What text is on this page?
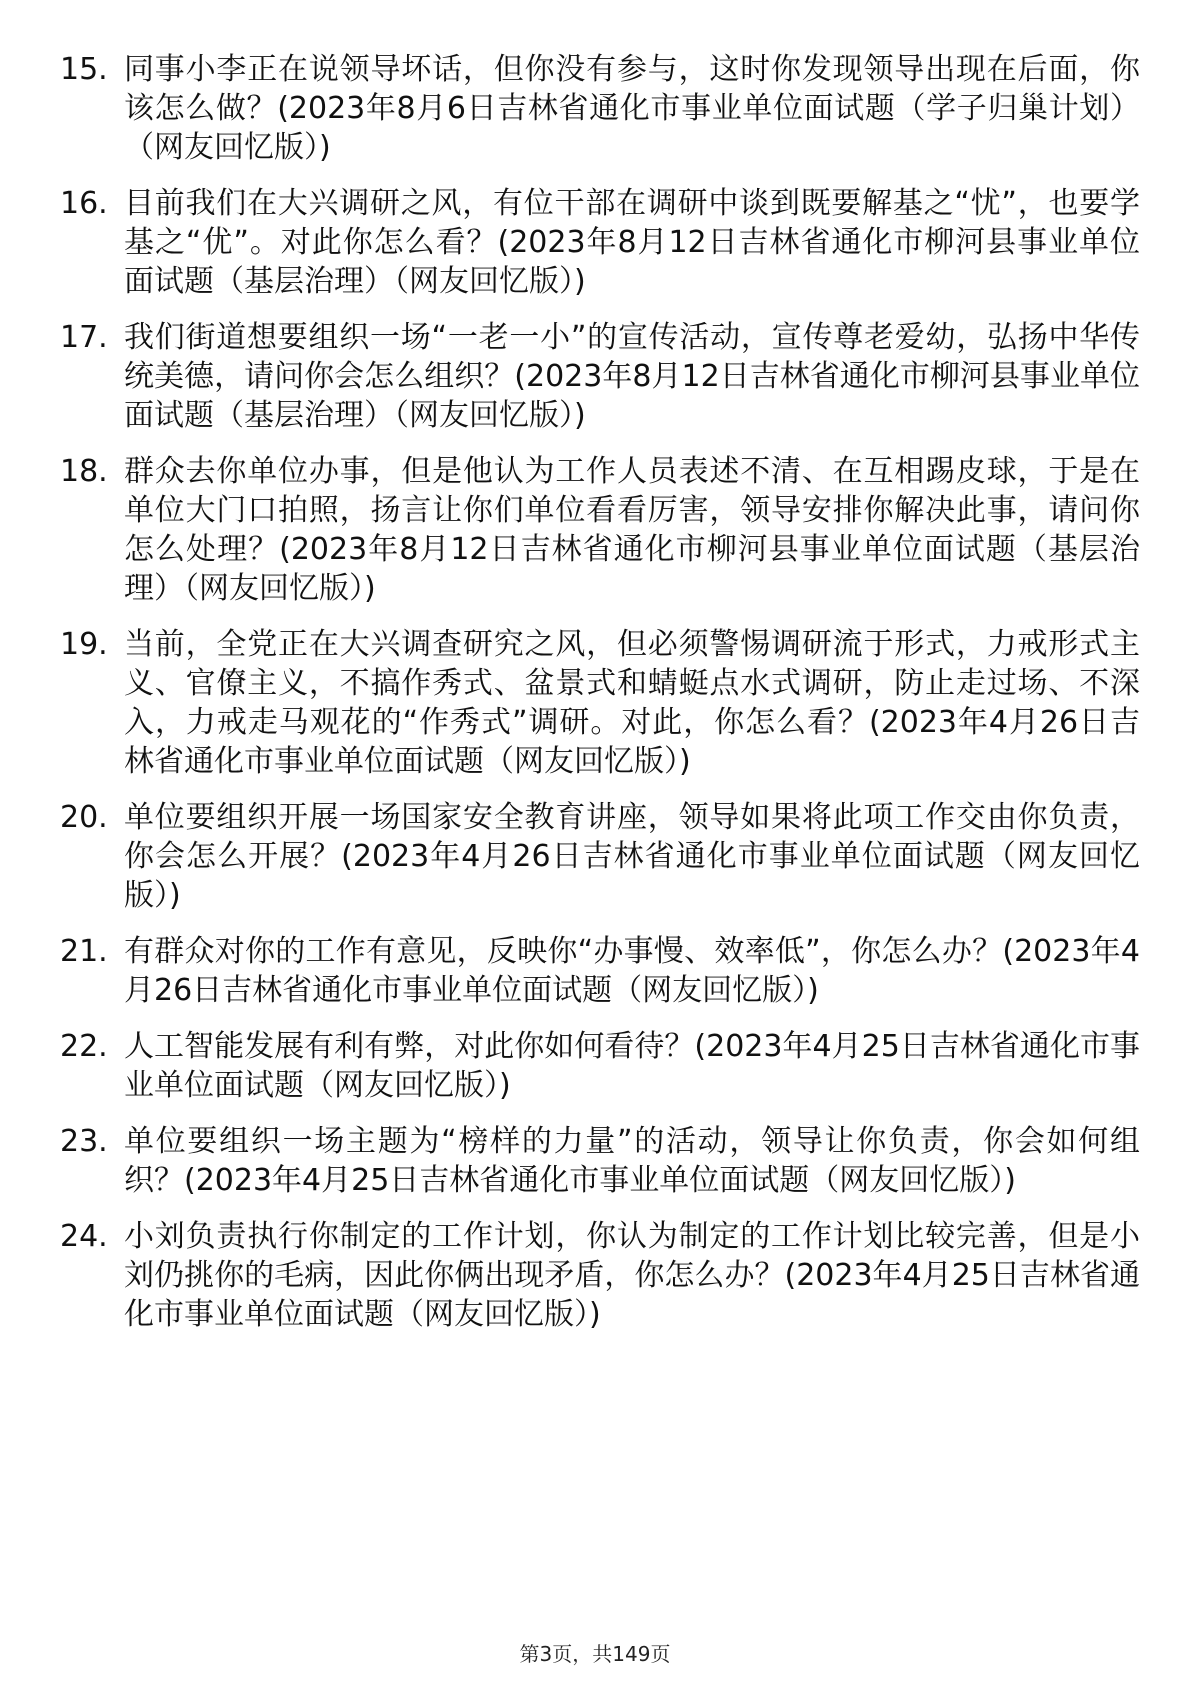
15. 同事小李正在说领导坏话，但你没有参与，这时你发现领导出现在后面，你该怎么做？(2023年8月6日吉林省通化市事业单位面试题（学子归巢计划）（网友回忆版）)
16. 目前我们在大兴调研之风，有位干部在调研中谈到既要解基之“忧”，也要学基之“优”。对此你怎么看？(2023年8月12日吉林省通化市柳河县事业单位面试题（基层治理）（网友回忆版）)
17. 我们街道想要组织一场“一老一小”的宣传活动，宣传尊老爱幼，弘扬中华传统美德，请问你会怎么组织？(2023年8月12日吉林省通化市柳河县事业单位面试题（基层治理）（网友回忆版）)
18. 群众去你单位办事，但是他认为工作人员表述不清、在互相踢皮球，于是在单位大门口拍照，扬言让你们单位看看厉害，领导安排你解决此事，请问你怎么处理？(2023年8月12日吉林省通化市柳河县事业单位面试题（基层治理）（网友回忆版）)
19. 当前，全党正在大兴调查研究之风，但必须警惕调研流于形式，力戒形式主义、官僚主义，不搞作秀式、盆景式和蜻蜓点水式调研，防止走过场、不深入，力戒走马观花的“作秀式”调研。对此，你怎么看？(2023年4月26日吉林省通化市事业单位面试题（网友回忆版）)
20. 单位要组织开展一场国家安全教育讲座，领导如果将此项工作交由你负责，你会怎么开展？(2023年4月26日吉林省通化市事业单位面试题（网友回忆版）)
21. 有群众对你的工作有意见，反映你“办事慢、效率低”，你怎么办？(2023年4月26日吉林省通化市事业单位面试题（网友回忆版）)
22. 人工智能发展有利有弊，对此你如何看待？(2023年4月25日吉林省通化市事业单位面试题（网友回忆版）)
23. 单位要组织一场主题为“榜样的力量”的活动，领导让你负责，你会如何组织？(2023年4月25日吉林省通化市事业单位面试题（网友回忆版）)
24. 小刘负责执行你制定的工作计划，你认为制定的工作计划比较完善，但是小刘仍挑你的毛病，因此你俩出现矛盾，你怎么办？(2023年4月25日吉林省通化市事业单位面试题（网友回忆版）)
第3页，共149页
